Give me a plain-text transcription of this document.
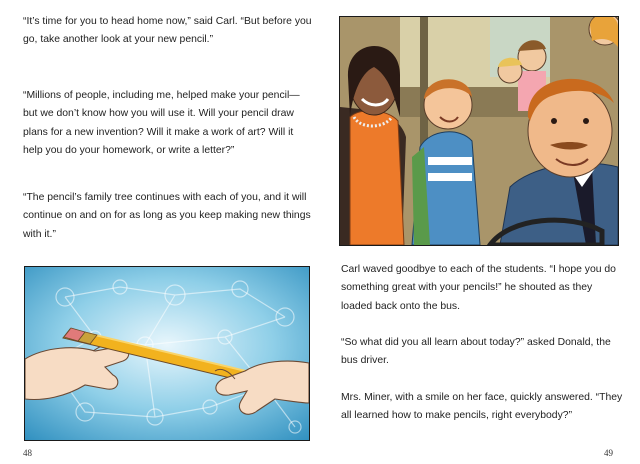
“It’s time for you to head home now,” said Carl. “But before you go, take another look at your new pencil.”

“Millions of people, including me, helped make your pencil—but we don’t know how you will use it. Will your pencil draw plans for a new invention? Will it make a work of art? Will it help you do your homework, or write a letter?”

“The pencil’s family tree continues with each of you, and it will continue on and on for as long as you keep making new things with it.”

Carl waved goodbye to each of the students. “I hope you do something great with your pencils!” he shouted as they loaded back onto the bus.

“So what did you all learn about today?” asked Donald, the bus driver.

Mrs. Miner, with a smile on her face, quickly answered. “They all learned how to make pencils, right everybody?”

48	49
